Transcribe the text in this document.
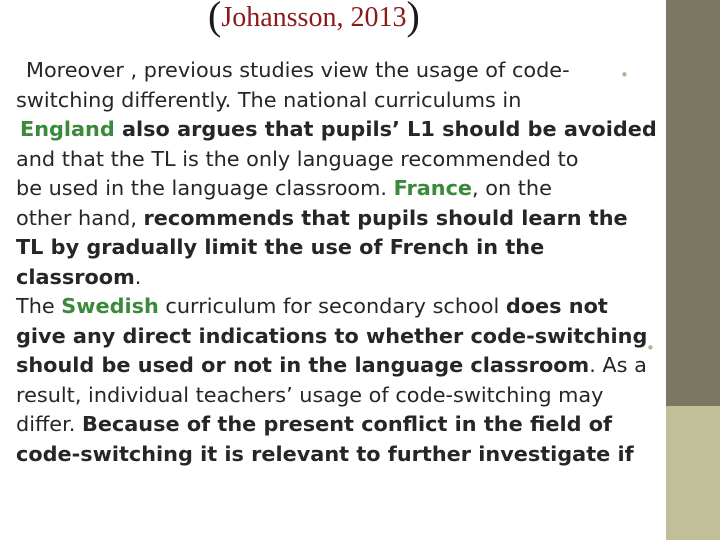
(Johansson, 2013)
•
•

Moreover , previous studies view the usage of code-

switching differently. The national curriculums in

England also argues that pupils’ L1 should be avoided

and that the TL is the only language recommended to

be used in the language classroom. France, on the

other hand, recommends that pupils should learn the

TL by gradually limit the use of French in the

classroom.

The Swedish curriculum for secondary school does not

give any direct indications to whether code-switching

should be used or not in the language classroom. As a

result, individual teachers’ usage of code-switching may

differ. Because of the present conflict in the field of

code-switching it is relevant to further investigate if
